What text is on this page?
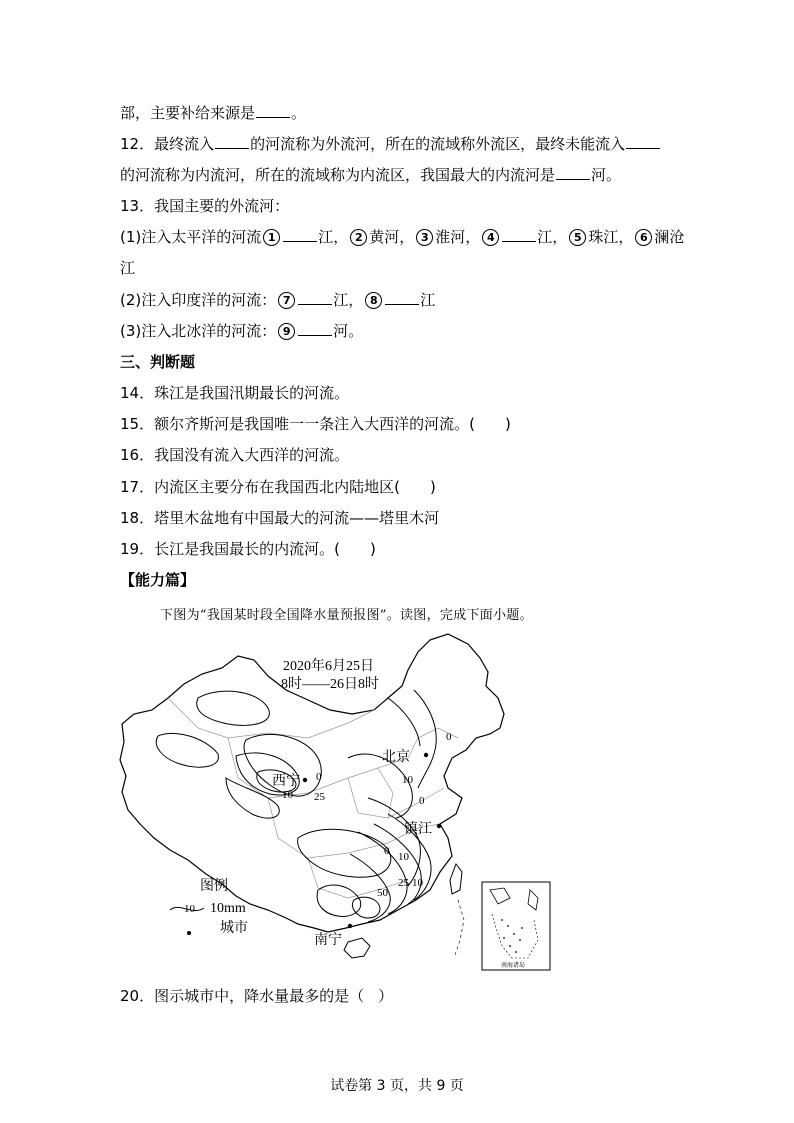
部，主要补给来源是 。
12．最终流入 的河流称为外流河，所在的流域称外流区，最终未能流入
的河流称为内流河，所在的流域称为内流区，我国最大的内流河是 河。
13．我国主要的外流河：
(1)注入太平洋的河流 1	江， 2 黄河， 3 淮河， 4	江， 5 珠江， 6 澜沧
江
(2)注入印度洋的河流： 7	江， 8	江
(3)注入北冰洋的河流： 9	河。
三、判断题
14．珠江是我国汛期最长的河流。
15．额尔齐斯河是我国唯一一条注入大西洋的河流。( )
16．我国没有流入大西洋的河流。
17．内流区主要分布在我国西北内陆地区( )
18．塔里木盆地有中国最大的河流——塔里木河
19．长江是我国最长的内流河。( )
【能力篇】
下图为“我国某时段全国降水量预报图”。读图，完成下面小题。
2020年6月25日
8时——26日8时
北京
西宁
镇江
南宁
0
0
0
0
10
10
10
10
25
25
50
图例
10 10mm
城市
南海诸岛
20．图示城市中，降水量最多的是（ ）
试卷第 3 页，共 9 页
